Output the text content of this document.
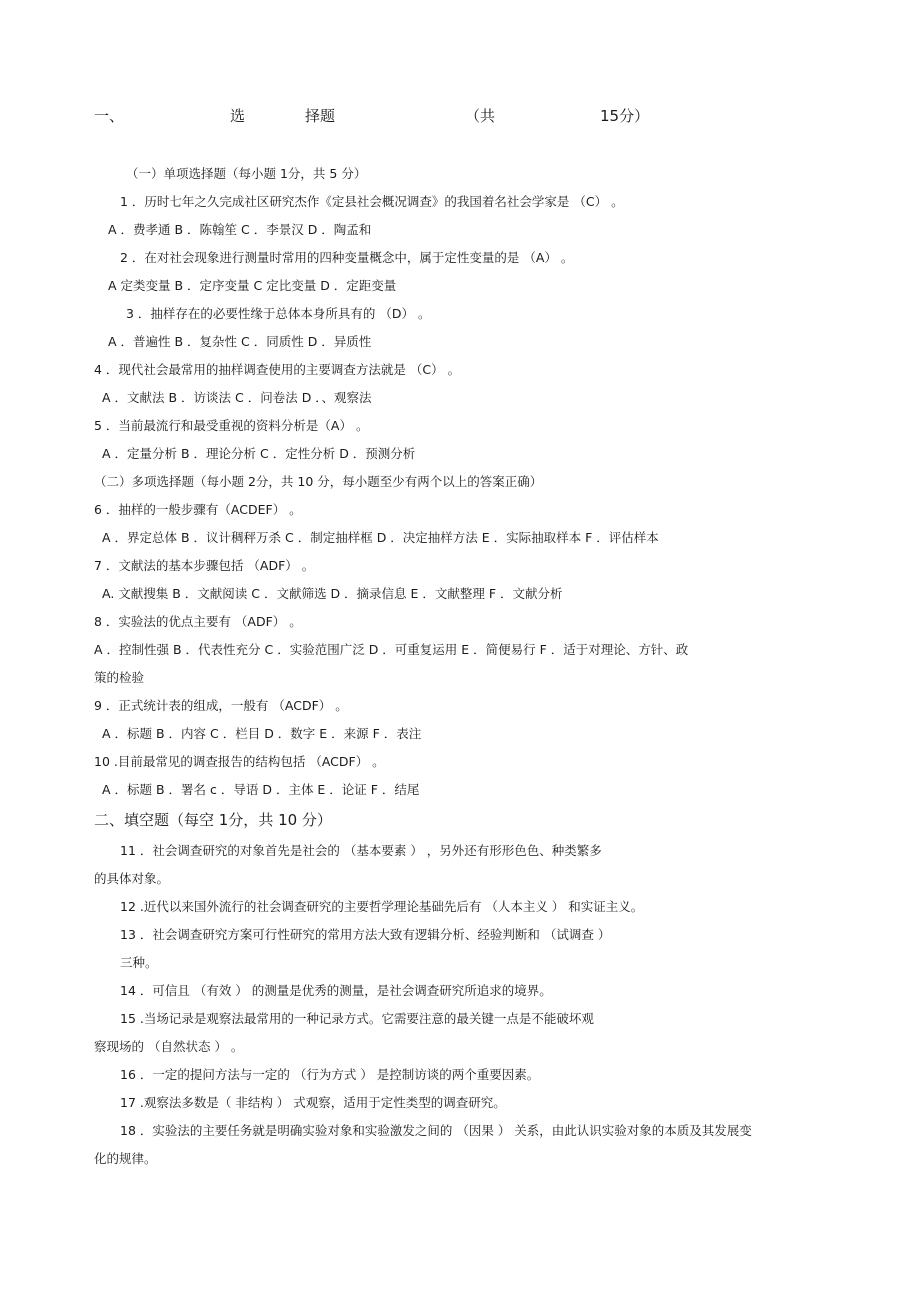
一、	选	择题	（共	15分）
（一）单项选择题（每小题 1分，共 5 分）
1 ．历时七年之久完成社区研究杰作《定县社会概况调查》的我国着名社会学家是 （C） 。
A ．费孝通 B ．陈翰笙 C ．李景汉 D ．陶孟和
2 ．在对社会现象进行测量时常用的四种变量概念中，属于定性变量的是 （A） 。
A 定类变量 B ．定序变量 C 定比变量 D ．定距变量
3 ．抽样存在的必要性缘于总体本身所具有的 （D） 。
A ．普遍性 B ．复杂性 C ．同质性 D ．异质性
4 ．现代社会最常用的抽样调查使用的主要调查方法就是 （C） 。
A ．文献法 B ．访谈法 C ．问卷法 D ．、观察法
5 ．当前最流行和最受重视的资料分析是（A） 。
A ．定量分析 B ．理论分析 C ．定性分析 D ．预测分析
（二）多项选择题（每小题 2分，共 10 分，每小题至少有两个以上的答案正确）
6 ．抽样的一般步骤有（ACDEF） 。
A ．界定总体 B ．议计稠秤万杀 C ．制定抽样框 D ．决定抽样方法 E ．实际抽取样本 F ．评估样本
7 ．文献法的基本步骤包括 （ADF） 。
A. 文献搜集 B ．文献阅读 C ．文献筛选 D ．摘录信息 E ．文献整理 F ．文献分析
8 ．实验法的优点主要有 （ADF） 。
A ．控制性强 B ．代表性充分 C ．实验范围广泛 D ．可重复运用 E ．简便易行 F ．适于对理论、方针、政
策的检验
9 ．正式统计表的组成，一般有 （ACDF） 。
A ．标题 B ．内容 C ．栏目 D ．数字 E ．来源 F ．表注
10 .目前最常见的调查报告的结构包括 （ACDF） 。
A ．标题 B ．署名 c ．导语 D ．主体 E ．论证 F ．结尾
二、填空题（每空 1分，共 10 分）
11 ．社会调查研究的对象首先是社会的 （基本要素 ） ，另外还有形形色色、种类繁多
的具体对象。
12 .近代以来国外流行的社会调查研究的主要哲学理论基础先后有 （人本主义 ） 和实证主义。
13 ．社会调查研究方案可行性研究的常用方法大致有逻辑分析、经验判断和 （试调查 ）
三种。
14 ．可信且 （有效 ） 的测量是优秀的测量，是社会调查研究所追求的境界。
15 .当场记录是观察法最常用的一种记录方式。它需要注意的最关键一点是不能破坏观
察现场的 （自然状态 ） 。
16 ．一定的提问方法与一定的 （行为方式 ） 是控制访谈的两个重要因素。
17 .观察法多数是（ 非结构 ） 式观察，适用于定性类型的调查研究。
18 ．实验法的主要任务就是明确实验对象和实验激发之间的 （因果 ） 关系，由此认识实验对象的本质及其发展变
化的规律。
